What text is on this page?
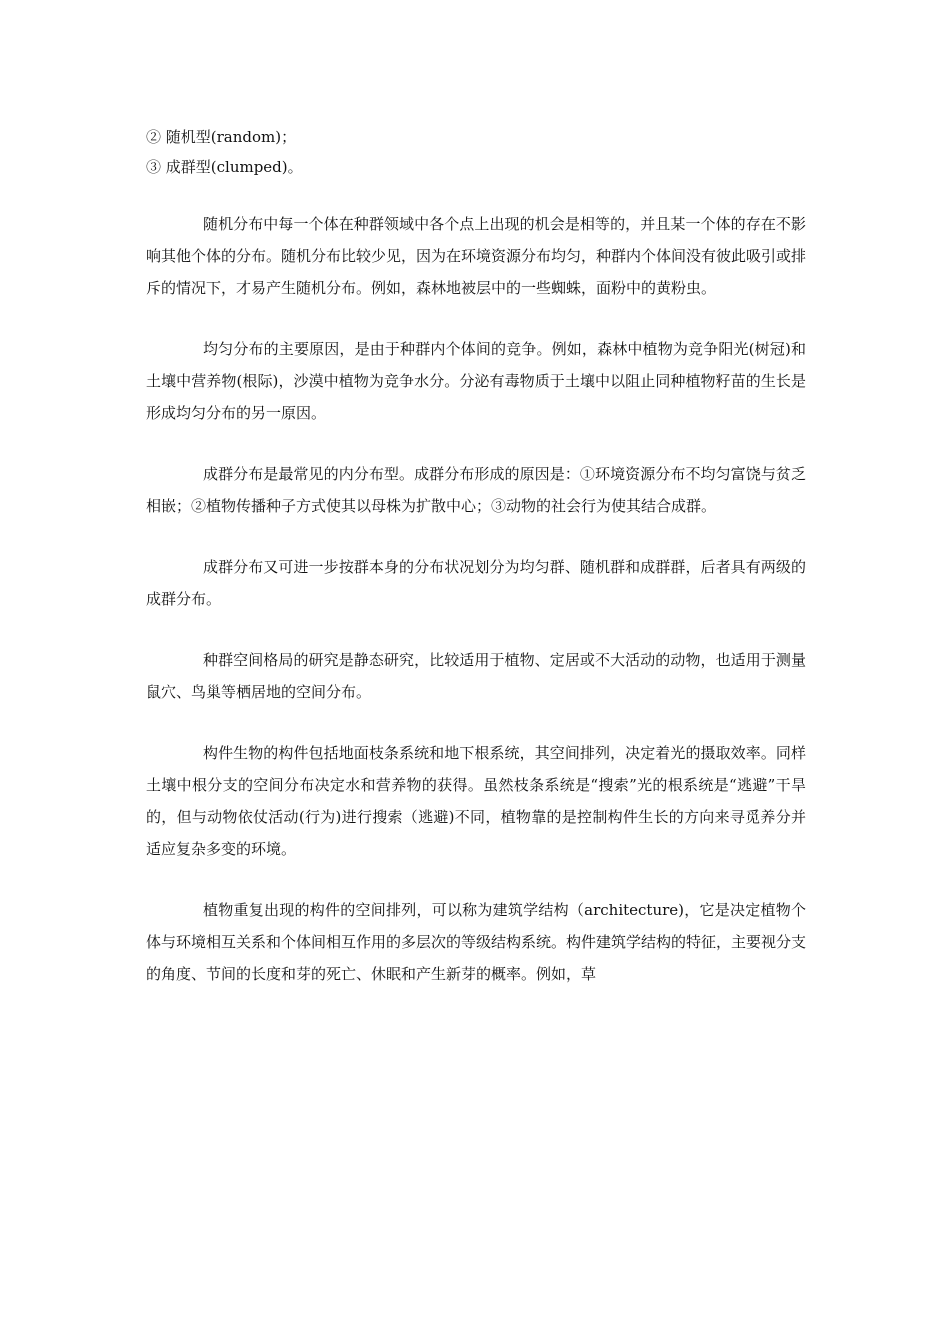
② 随机型(random)；

③ 成群型(clumped)。

随机分布中每一个体在种群领域中各个点上出现的机会是相等的，并且某一个体的存在不影响其他个体的分布。随机分布比较少见，因为在环境资源分布均匀，种群内个体间没有彼此吸引或排斥的情况下，才易产生随机分布。例如，森林地被层中的一些蜘蛛，面粉中的黄粉虫。

均匀分布的主要原因，是由于种群内个体间的竞争。例如，森林中植物为竞争阳光(树冠)和土壤中营养物(根际)，沙漠中植物为竞争水分。分泌有毒物质于土壤中以阻止同种植物籽苗的生长是形成均匀分布的另一原因。

成群分布是最常见的内分布型。成群分布形成的原因是：①环境资源分布不均匀富饶与贫乏相嵌；②植物传播种子方式使其以母株为扩散中心；③动物的社会行为使其结合成群。

成群分布又可进一步按群本身的分布状况划分为均匀群、随机群和成群群，后者具有两级的成群分布。

种群空间格局的研究是静态研究，比较适用于植物、定居或不大活动的动物，也适用于测量鼠穴、鸟巢等栖居地的空间分布。

构件生物的构件包括地面枝条系统和地下根系统，其空间排列，决定着光的摄取效率。同样土壤中根分支的空间分布决定水和营养物的获得。虽然枝条系统是“搜索”光的根系统是“逃避”干旱的，但与动物依仗活动(行为)进行搜索（逃避)不同，植物靠的是控制构件生长的方向来寻觅养分并适应复杂多变的环境。

植物重复出现的构件的空间排列，可以称为建筑学结构（architecture)，它是决定植物个体与环境相互关系和个体间相互作用的多层次的等级结构系统。构件建筑学结构的特征，主要视分支的角度、节间的长度和芽的死亡、休眠和产生新芽的概率。例如，草
